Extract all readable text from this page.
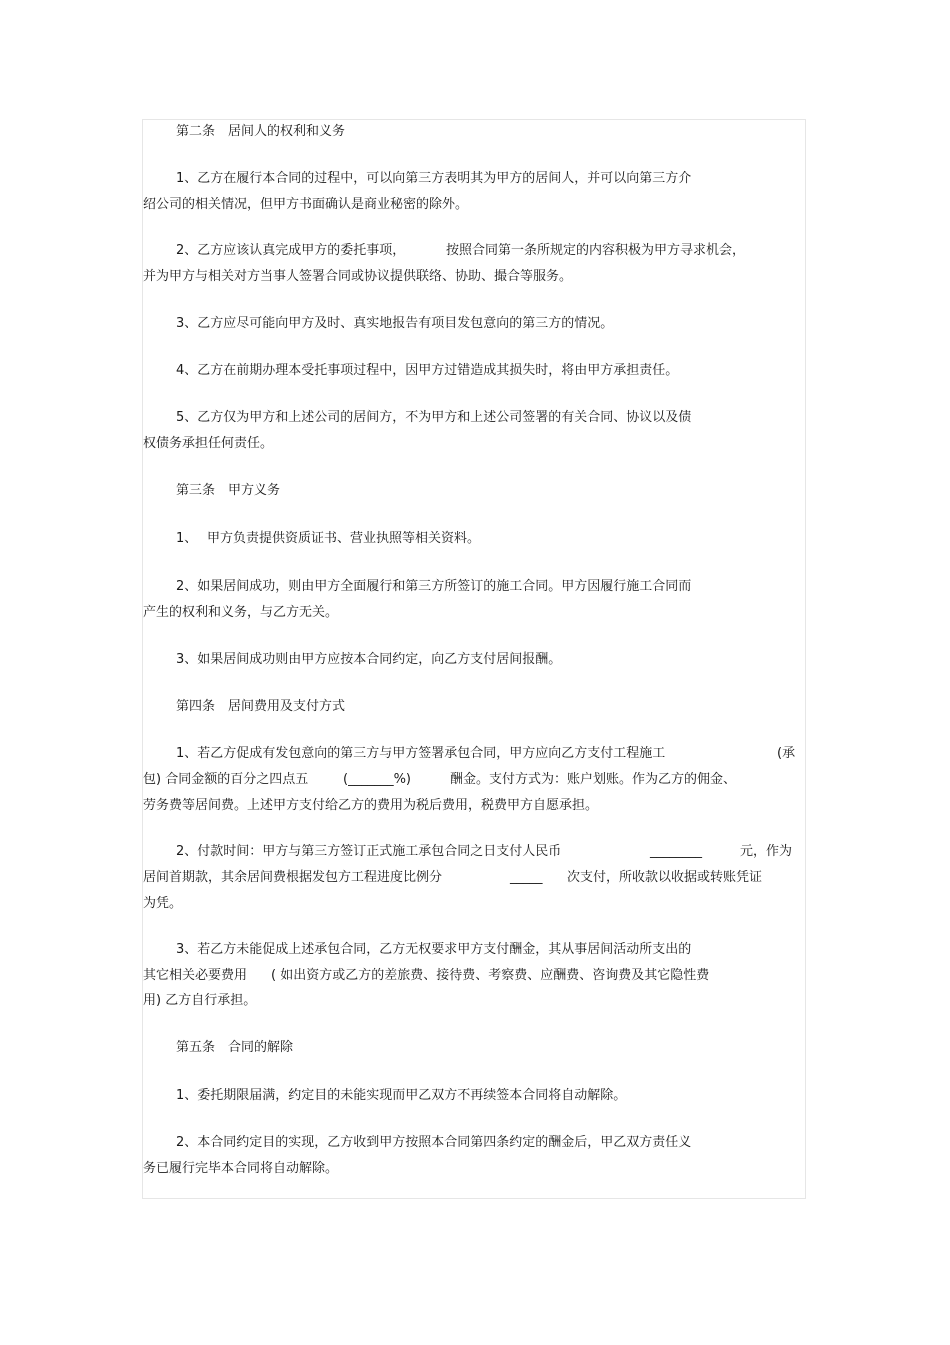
第二条　居间人的权利和义务
1、乙方在履行本合同的过程中，可以向第三方表明其为甲方的居间人，并可以向第三方介
绍公司的相关情况，但甲方书面确认是商业秘密的除外。
2、乙方应该认真完成甲方的委托事项，	按照合同第一条所规定的内容积极为甲方寻求机会，
并为甲方与相关对方当事人签署合同或协议提供联络、协助、撮合等服务。
3、乙方应尽可能向甲方及时、真实地报告有项目发包意向的第三方的情况。
4、乙方在前期办理本受托事项过程中，因甲方过错造成其损失时，将由甲方承担责任。
5、乙方仅为甲方和上述公司的居间方，不为甲方和上述公司签署的有关合同、协议以及债
权债务承担任何责任。
第三条　甲方义务
1、 甲方负责提供资质证书、营业执照等相关资料。
2、如果居间成功，则由甲方全面履行和第三方所签订的施工合同。甲方因履行施工合同而
产生的权利和义务，与乙方无关。
3、如果居间成功则由甲方应按本合同约定，向乙方支付居间报酬。
第四条　居间费用及支付方式
1、若乙方促成有发包意向的第三方与甲方签署承包合同，甲方应向乙方支付工程施工	(承
包) 合同金额的百分之四点五	(_______%)	酬金。支付方式为：账户划账。作为乙方的佣金、
劳务费等居间费。上述甲方支付给乙方的费用为税后费用，税费甲方自愿承担。
2、付款时间：甲方与第三方签订正式施工承包合同之日支付人民币	________	元，作为
居间首期款，其余居间费根据发包方工程进度比例分	_____ 次支付，所收款以收据或转账凭证
为凭。
3、若乙方未能促成上述承包合同，乙方无权要求甲方支付酬金，其从事居间活动所支出的
其它相关必要费用 ( 如出资方或乙方的差旅费、接待费、考察费、应酬费、咨询费及其它隐性费
用) 乙方自行承担。
第五条　合同的解除
1、委托期限届满，约定目的未能实现而甲乙双方不再续签本合同将自动解除。
2、本合同约定目的实现，乙方收到甲方按照本合同第四条约定的酬金后，甲乙双方责任义
务已履行完毕本合同将自动解除。
